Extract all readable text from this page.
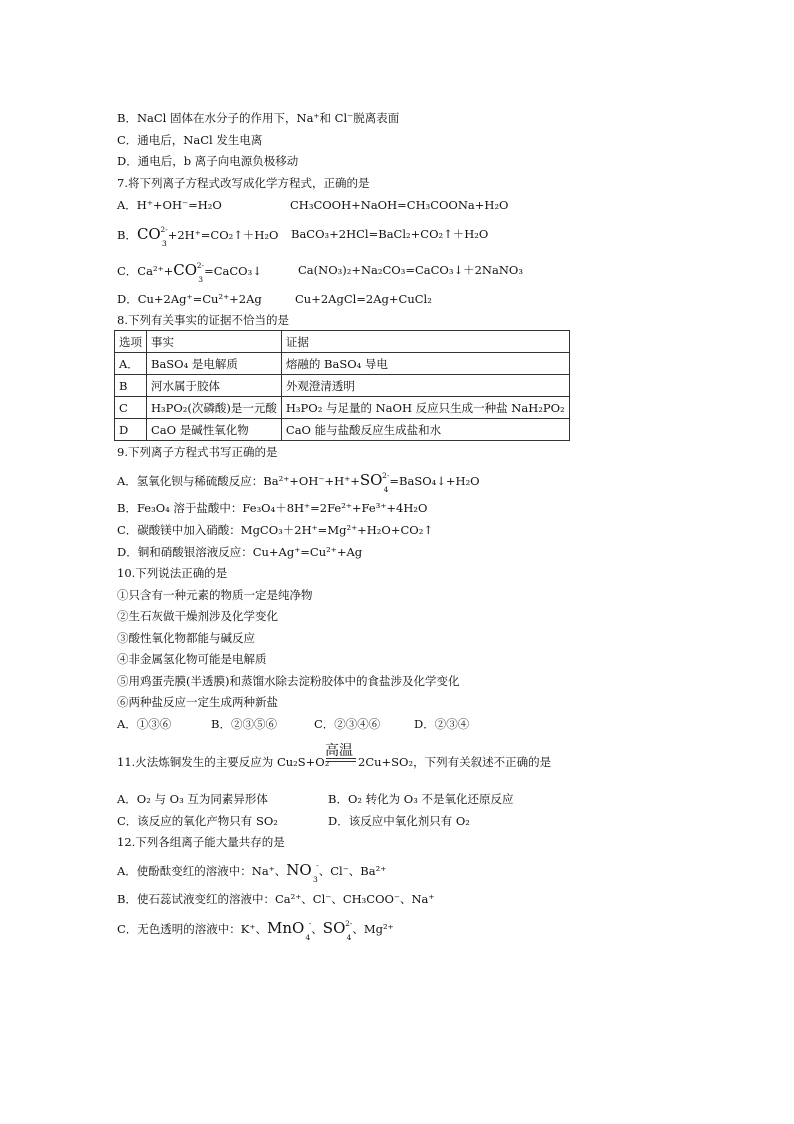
B．NaCl 固体在水分子的作用下，Na⁺和 Cl⁻脱离表面
C．通电后，NaCl 发生电离
D．通电后，b 离子向电源负极移动
7.将下列离子方程式改写成化学方程式，正确的是
A．H⁺+OH⁻=H₂O	CH₃COOH+NaOH=CH₃COONa+H₂O
B．CO 2-
3
+2H⁺=CO₂↑＋H₂O BaCO₃+2HCl=BaCl₂+CO₂↑＋H₂O
C．Ca²⁺+CO 2-
3
=CaCO₃↓	Ca(NO₃)₂+Na₂CO₃=CaCO₃↓＋2NaNO₃
D．Cu+2Ag⁺=Cu²⁺+2Ag	Cu+2AgCl=2Ag+CuCl₂
8.下列有关事实的证据不恰当的是
选项	事实	证据
A．	BaSO₄ 是电解质	熔融的 BaSO₄ 导电
B	河水属于胶体	外观澄清透明
C	H₃PO₂(次磷酸)是一元酸	H₃PO₂ 与足量的 NaOH 反应只生成一种盐 NaH₂PO₂
D	CaO 是碱性氧化物	CaO 能与盐酸反应生成盐和水
9.下列离子方程式书写正确的是
A．氢氧化钡与稀硫酸反应：Ba²⁺+OH⁻+H⁺+SO 2-
4
=BaSO₄↓+H₂O
B．Fe₃O₄ 溶于盐酸中：Fe₃O₄＋8H⁺=2Fe²⁺+Fe³⁺+4H₂O
C．碳酸镁中加入硝酸：MgCO₃＋2H⁺=Mg²⁺+H₂O+CO₂↑
D．铜和硝酸银溶液反应：Cu+Ag⁺=Cu²⁺+Ag
10.下列说法正确的是
①只含有一种元素的物质一定是纯净物
②生石灰做干燥剂涉及化学变化
③酸性氧化物都能与碱反应
④非金属氢化物可能是电解质
⑤用鸡蛋壳膜(半透膜)和蒸馏水除去淀粉胶体中的食盐涉及化学变化
⑥两种盐反应一定生成两种新盐
A．①③⑥	B．②③⑤⑥	C．②③④⑥	D．②③④
11.火法炼铜发生的主要反应为 Cu₂S+O₂
高温
2Cu+SO₂，下列有关叙述不正确的是
A．O₂ 与 O₃ 互为同素异形体	B．O₂ 转化为 O₃ 不是氧化还原反应
C．该反应的氧化产物只有 SO₂	D．该反应中氧化剂只有 O₂
12.下列各组离子能大量共存的是
A．使酚酞变红的溶液中：Na⁺、NO -
3
、Cl⁻、Ba²⁺
B．使石蕊试液变红的溶液中：Ca²⁺、Cl⁻、CH₃COO⁻、Na⁺
C．无色透明的溶液中：K⁺、MnO -
4
、SO 2-
4
、Mg²⁺
